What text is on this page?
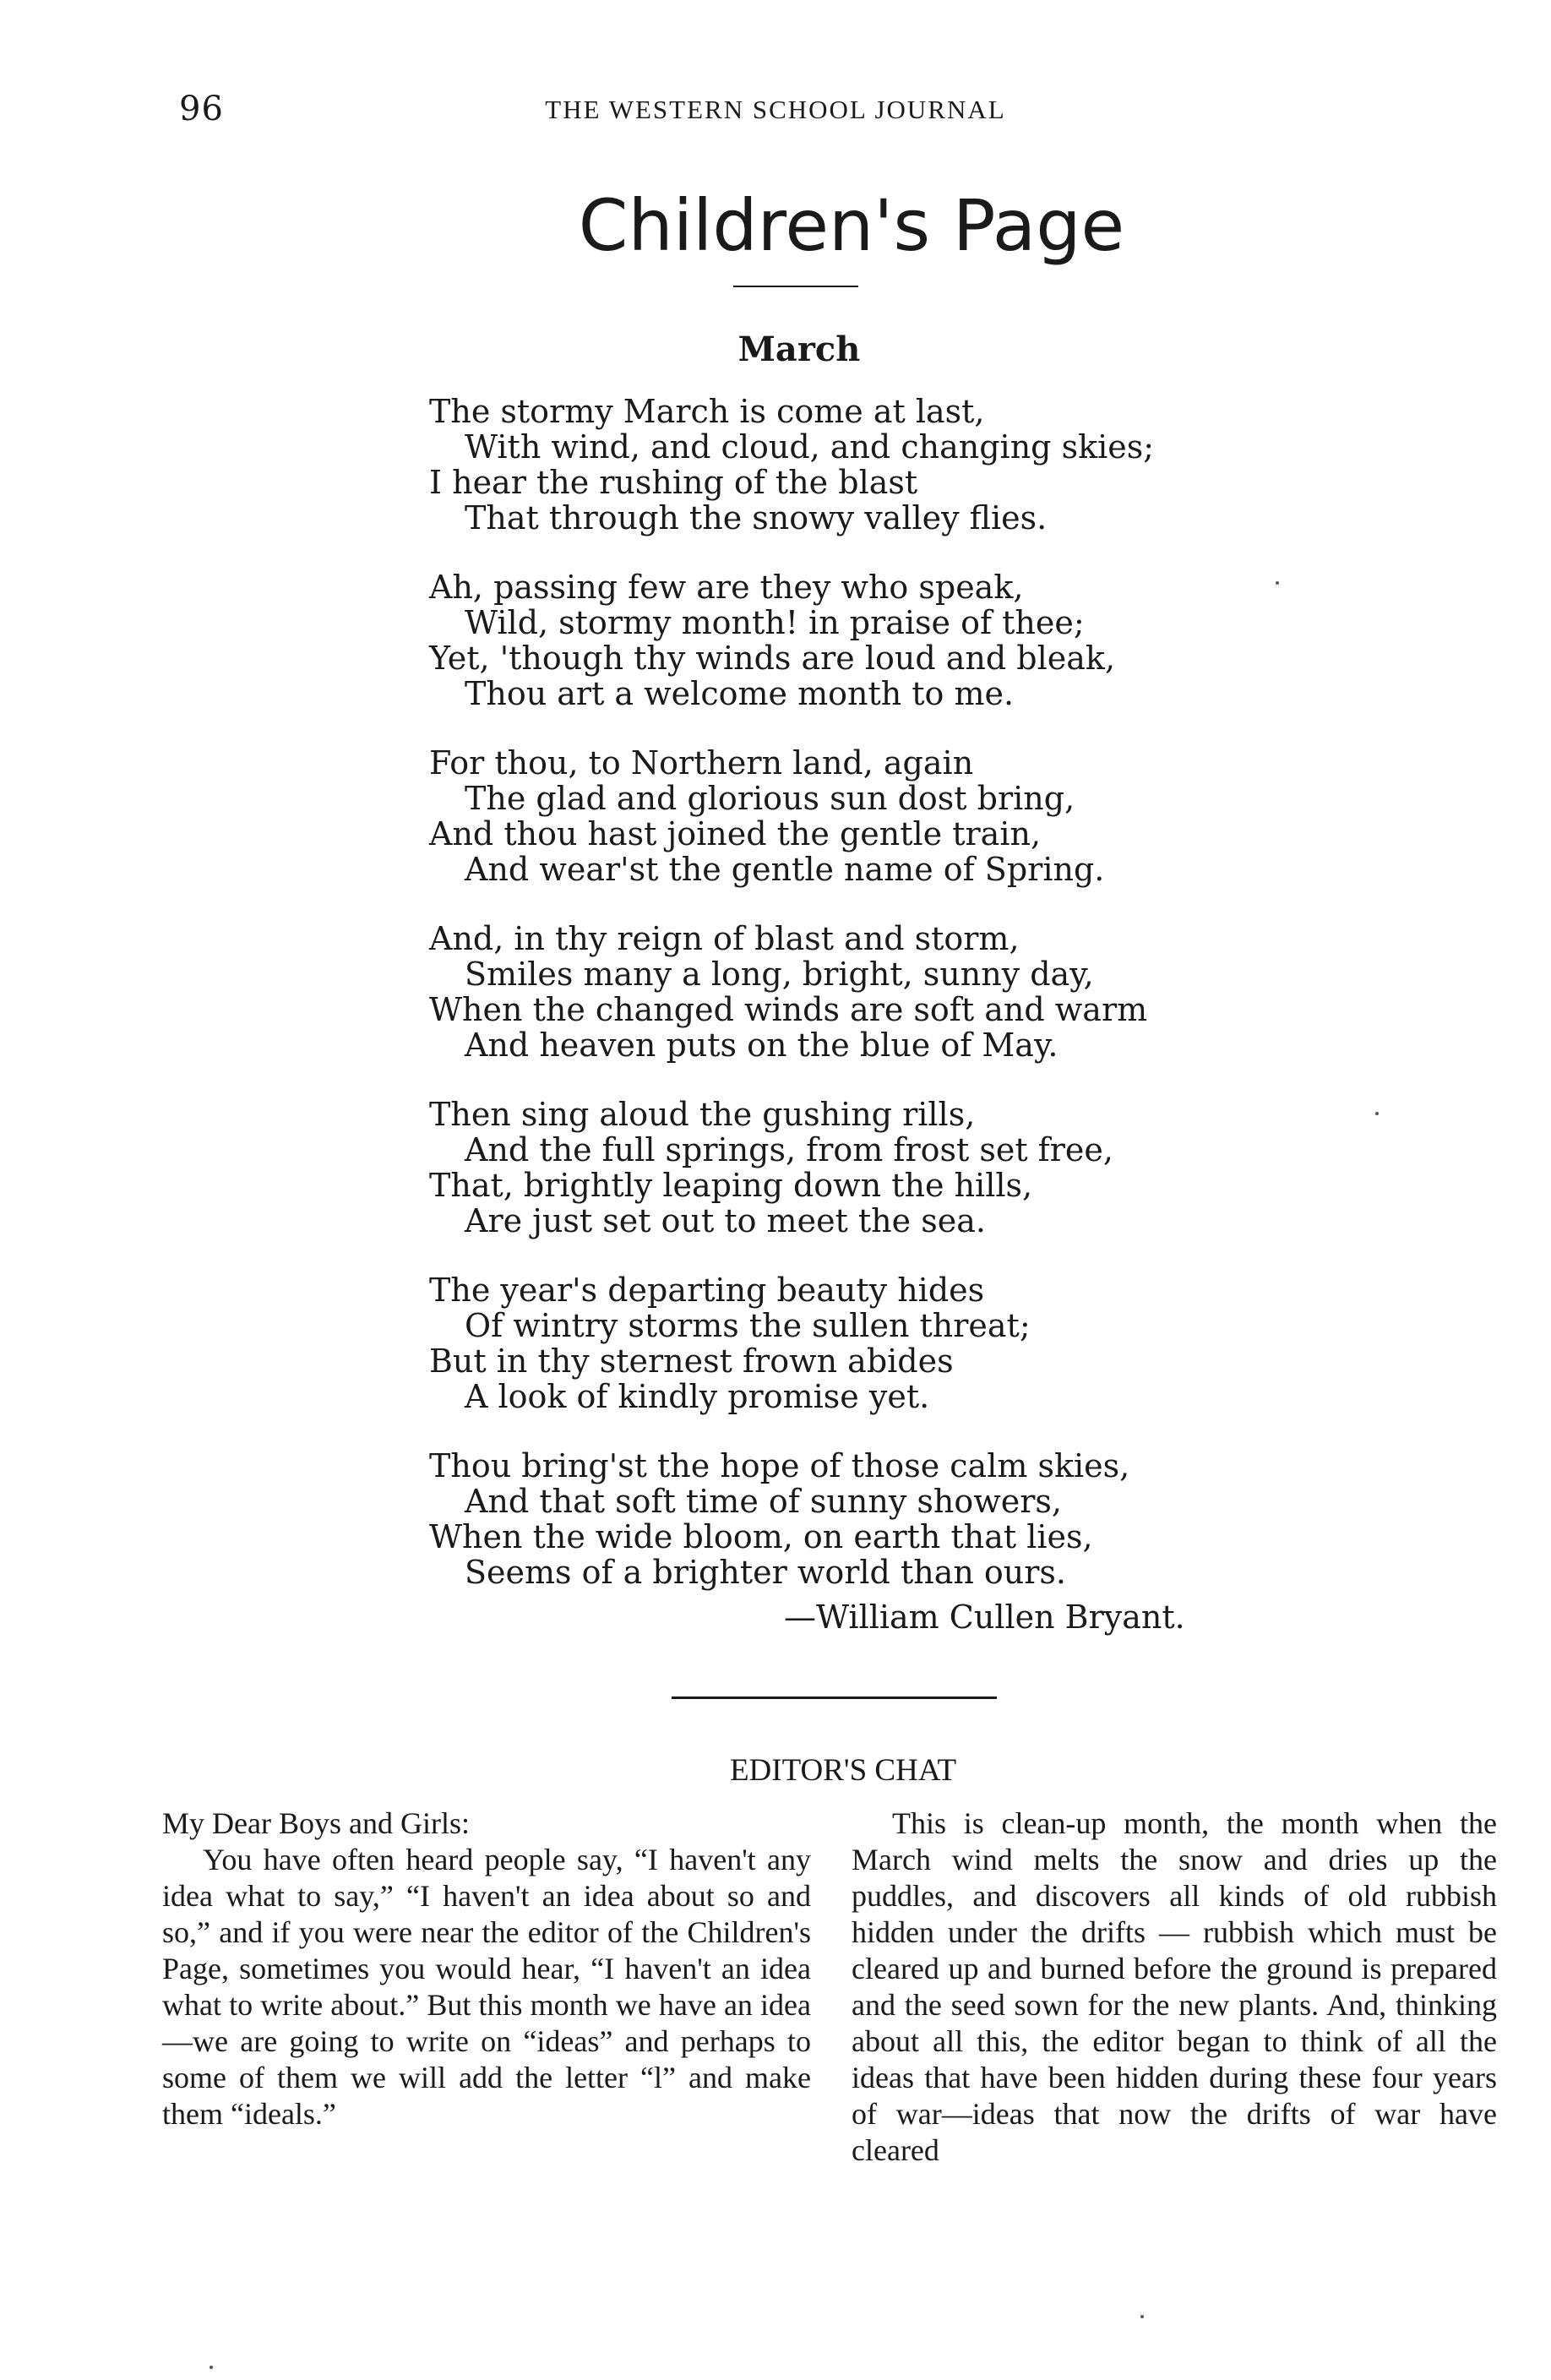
96	THE WESTERN SCHOOL JOURNAL
Children's Page
March
The stormy March is come at last,
With wind, and cloud, and changing skies;
I hear the rushing of the blast
That through the snowy valley flies.
Ah, passing few are they who speak,
Wild, stormy month! in praise of thee;
Yet, 'though thy winds are loud and bleak,
Thou art a welcome month to me.
For thou, to Northern land, again
The glad and glorious sun dost bring,
And thou hast joined the gentle train,
And wear'st the gentle name of Spring.
And, in thy reign of blast and storm,
Smiles many a long, bright, sunny day,
When the changed winds are soft and warm
And heaven puts on the blue of May.
Then sing aloud the gushing rills,
And the full springs, from frost set free,
That, brightly leaping down the hills,
Are just set out to meet the sea.
The year's departing beauty hides
Of wintry storms the sullen threat;
But in thy sternest frown abides
A look of kindly promise yet.
Thou bring'st the hope of those calm skies,
And that soft time of sunny showers,
When the wide bloom, on earth that lies,
Seems of a brighter world than ours.
—William Cullen Bryant.
EDITOR'S CHAT

My Dear Boys and Girls:

You have often heard people say, “I haven't any idea what to say,” “I haven't an idea about so and so,” and if you were near the editor of the Children's Page, sometimes you would hear, “I haven't an idea what to write about.” But this month we have an idea—we are going to write on “ideas” and perhaps to some of them we will add the letter “l” and make them “ideals.”

This is clean-up month, the month when the March wind melts the snow and dries up the puddles, and discovers all kinds of old rubbish hidden under the drifts — rubbish which must be cleared up and burned before the ground is prepared and the seed sown for the new plants. And, thinking about all this, the editor began to think of all the ideas that have been hidden during these four years of war—ideas that now the drifts of war have cleared
